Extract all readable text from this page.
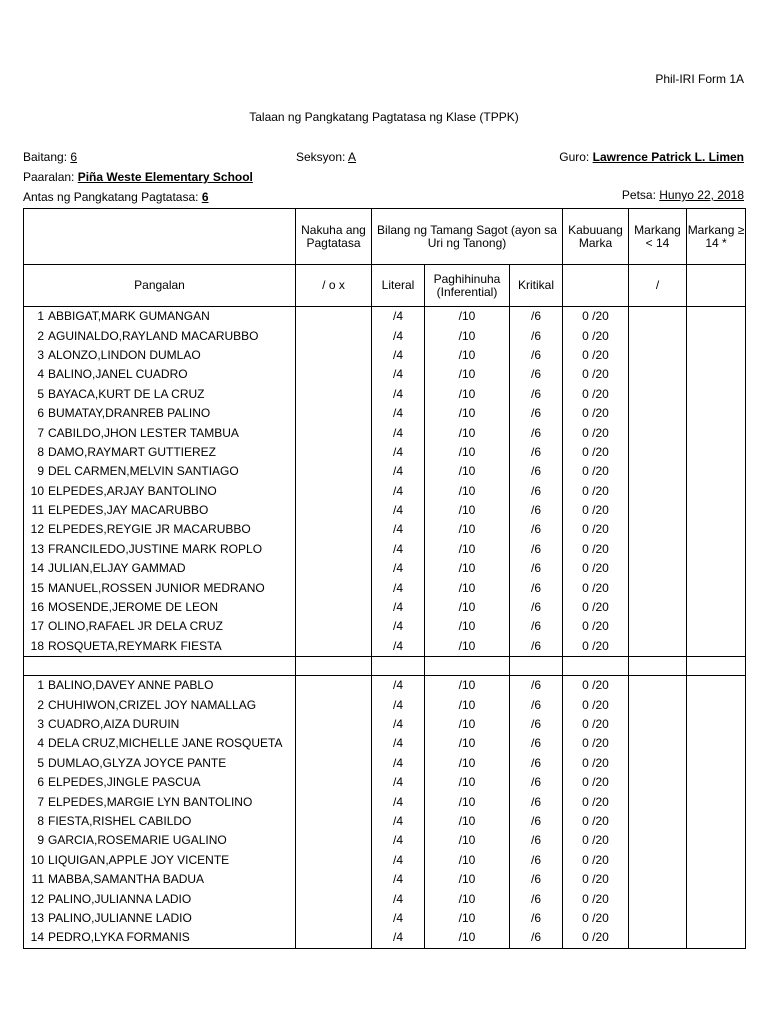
Phil-IRI Form 1A
Talaan ng Pangkatang Pagtatasa ng Klase (TPPK)
Baitang: 6	Seksyon: A	Guro: Lawrence Patrick L. Limen
Paaralan: Piña Weste Elementary School
Antas ng Pangkatang Pagtatasa: 6	Petsa: Hunyo 22, 2018
	Nakuha ang Pagtatasa	Bilang ng Tamang Sagot (ayon sa Uri ng Tanong)			Kabuuang Marka	Markang < 14	Markang ≥ 14 *
Pangalan	/ o x	Literal	Paghihinuha (Inferential)	Kritikal		/	
1 ABBIGAT,MARK GUMANGAN		/4	/10	/6	0 /20		
2 AGUINALDO,RAYLAND MACARUBBO		/4	/10	/6	0 /20		
3 ALONZO,LINDON DUMLAO		/4	/10	/6	0 /20		
4 BALINO,JANEL CUADRO		/4	/10	/6	0 /20		
5 BAYACA,KURT DE LA CRUZ		/4	/10	/6	0 /20		
6 BUMATAY,DRANREB PALINO		/4	/10	/6	0 /20		
7 CABILDO,JHON LESTER TAMBUA		/4	/10	/6	0 /20		
8 DAMO,RAYMART GUTTIEREZ		/4	/10	/6	0 /20		
9 DEL CARMEN,MELVIN SANTIAGO		/4	/10	/6	0 /20		
10 ELPEDES,ARJAY BANTOLINO		/4	/10	/6	0 /20		
11 ELPEDES,JAY MACARUBBO		/4	/10	/6	0 /20		
12 ELPEDES,REYGIE JR MACARUBBO		/4	/10	/6	0 /20		
13 FRANCILEDO,JUSTINE MARK ROPLO		/4	/10	/6	0 /20		
14 JULIAN,ELJAY GAMMAD		/4	/10	/6	0 /20		
15 MANUEL,ROSSEN JUNIOR MEDRANO		/4	/10	/6	0 /20		
16 MOSENDE,JEROME DE LEON		/4	/10	/6	0 /20		
17 OLINO,RAFAEL JR DELA CRUZ		/4	/10	/6	0 /20		
18 ROSQUETA,REYMARK FIESTA		/4	/10	/6	0 /20		

1 BALINO,DAVEY ANNE PABLO		/4	/10	/6	0 /20		
2 CHUHIWON,CRIZEL JOY NAMALLAG		/4	/10	/6	0 /20		
3 CUADRO,AIZA DURUIN		/4	/10	/6	0 /20		
4 DELA CRUZ,MICHELLE JANE ROSQUETA		/4	/10	/6	0 /20		
5 DUMLAO,GLYZA JOYCE PANTE		/4	/10	/6	0 /20		
6 ELPEDES,JINGLE PASCUA		/4	/10	/6	0 /20		
7 ELPEDES,MARGIE LYN BANTOLINO		/4	/10	/6	0 /20		
8 FIESTA,RISHEL CABILDO		/4	/10	/6	0 /20		
9 GARCIA,ROSEMARIE UGALINO		/4	/10	/6	0 /20		
10 LIQUIGAN,APPLE JOY VICENTE		/4	/10	/6	0 /20		
11 MABBA,SAMANTHA BADUA		/4	/10	/6	0 /20		
12 PALINO,JULIANNA LADIO		/4	/10	/6	0 /20		
13 PALINO,JULIANNE LADIO		/4	/10	/6	0 /20		
14 PEDRO,LYKA FORMANIS		/4	/10	/6	0 /20		
